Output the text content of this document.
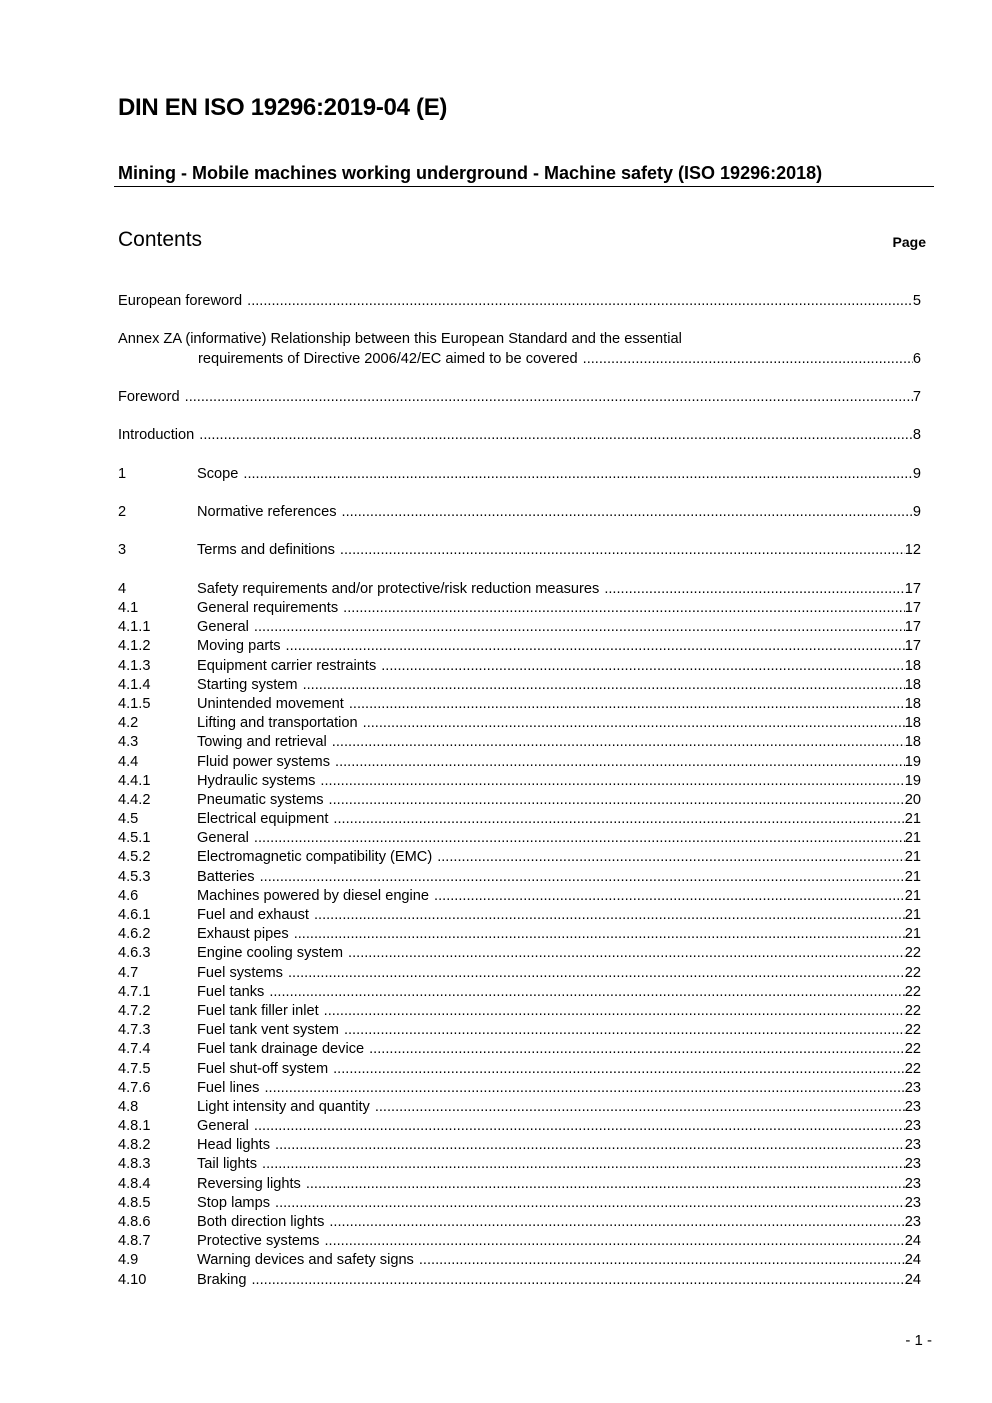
DIN EN ISO 19296:2019-04 (E)
Mining - Mobile machines working underground - Machine safety (ISO 19296:2018)
Contents	Page
European foreword .....	5
Annex ZA (informative) Relationship between this European Standard and the essential
requirements of Directive 2006/42/EC aimed to be covered .....	6
Foreword .....	7
Introduction .....	8
1	Scope .....	9
2	Normative references .....	9
3	Terms and definitions .....	12
4	Safety requirements and/or protective/risk reduction measures .....	17
4.1	General requirements .....	17
4.1.1	General .....	17
4.1.2	Moving parts .....	17
4.1.3	Equipment carrier restraints .....	18
4.1.4	Starting system .....	18
4.1.5	Unintended movement .....	18
4.2	Lifting and transportation .....	18
4.3	Towing and retrieval .....	18
4.4	Fluid power systems .....	19
4.4.1	Hydraulic systems .....	19
4.4.2	Pneumatic systems .....	20
4.5	Electrical equipment .....	21
4.5.1	General .....	21
4.5.2	Electromagnetic compatibility (EMC) .....	21
4.5.3	Batteries .....	21
4.6	Machines powered by diesel engine .....	21
4.6.1	Fuel and exhaust .....	21
4.6.2	Exhaust pipes .....	21
4.6.3	Engine cooling system .....	22
4.7	Fuel systems .....	22
4.7.1	Fuel tanks .....	22
4.7.2	Fuel tank filler inlet .....	22
4.7.3	Fuel tank vent system .....	22
4.7.4	Fuel tank drainage device .....	22
4.7.5	Fuel shut-off system .....	22
4.7.6	Fuel lines .....	23
4.8	Light intensity and quantity .....	23
4.8.1	General .....	23
4.8.2	Head lights .....	23
4.8.3	Tail lights .....	23
4.8.4	Reversing lights .....	23
4.8.5	Stop lamps .....	23
4.8.6	Both direction lights .....	23
4.8.7	Protective systems .....	24
4.9	Warning devices and safety signs .....	24
4.10	Braking .....	24
- 1 -
